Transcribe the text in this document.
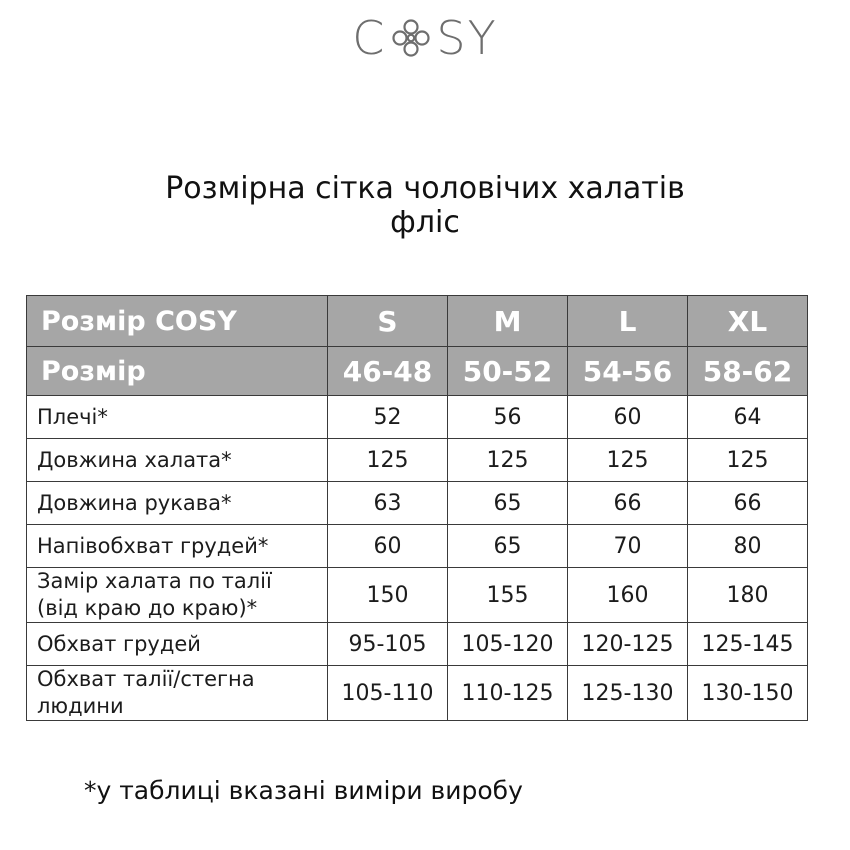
C SY
Розмірна сітка чоловічих халатів
фліс
Розмір COSY	S	M	L	XL
Розмір	46-48	50-52	54-56	58-62
Плечі*	52	56	60	64
Довжина халата*	125	125	125	125
Довжина рукава*	63	65	66	66
Напівобхват грудей*	60	65	70	80

Замір халата по талії
(від краю до краю)*	150	155	160	180
Обхват грудей	95-105	105-120	120-125	125-145

Обхват талії/стегна
людини	105-110	110-125	125-130	130-150
*у таблиці вказані виміри виробу
